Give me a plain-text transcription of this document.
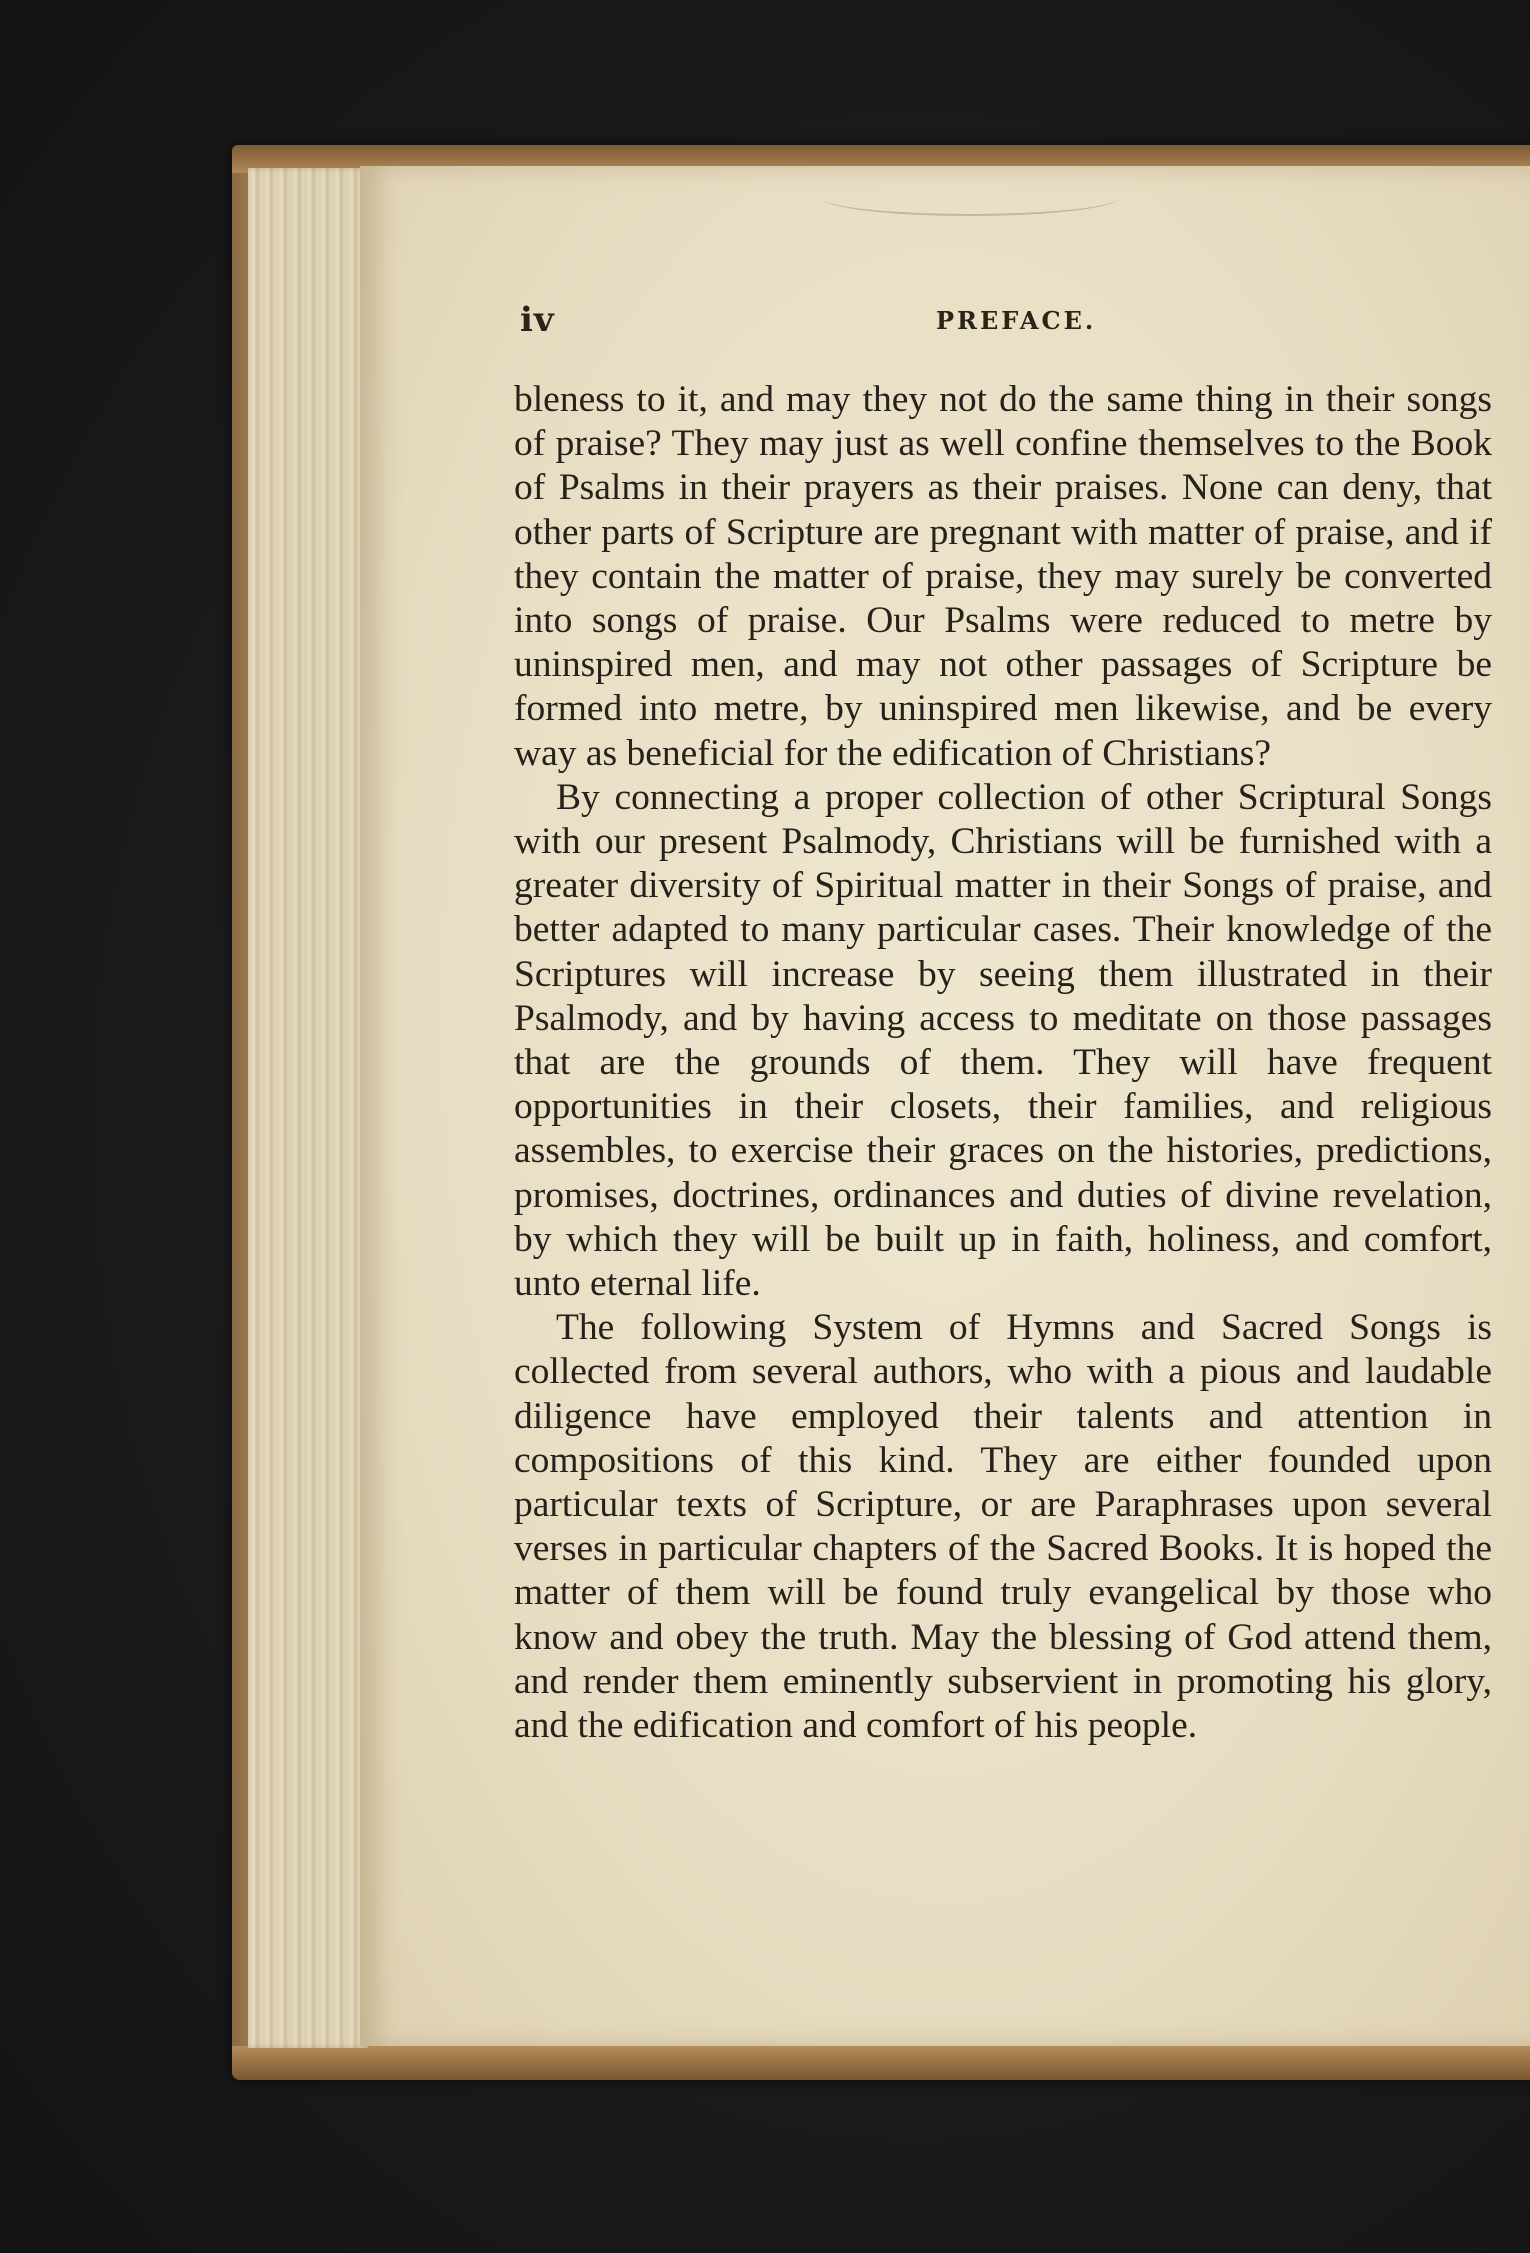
iv	PREFACE.

bleness to it, and may they not do the same thing in their songs of praise? They may just as well confine themselves to the Book of Psalms in their prayers as their praises. None can deny, that other parts of Scripture are pregnant with matter of praise, and if they contain the matter of praise, they may surely be converted into songs of praise. Our Psalms were reduced to metre by uninspired men, and may not other passages of Scripture be formed into metre, by uninspired men likewise, and be every way as beneficial for the edification of Christians?

By connecting a proper collection of other Scriptural Songs with our present Psalmody, Christians will be furnished with a greater diversity of Spiritual matter in their Songs of praise, and better adapted to many particular cases. Their knowledge of the Scriptures will increase by seeing them illustrated in their Psalmody, and by having access to meditate on those passages that are the grounds of them. They will have frequent opportunities in their closets, their families, and religious assembles, to exercise their graces on the histories, predictions, promises, doctrines, ordinances and duties of divine revelation, by which they will be built up in faith, holiness, and comfort, unto eternal life.

The following System of Hymns and Sacred Songs is collected from several authors, who with a pious and laudable diligence have employed their talents and attention in compositions of this kind. They are either founded upon particular texts of Scripture, or are Paraphrases upon several verses in particular chapters of the Sacred Books. It is hoped the matter of them will be found truly evangelical by those who know and obey the truth. May the blessing of God attend them, and render them eminently subservient in promoting his glory, and the edification and comfort of his people.
